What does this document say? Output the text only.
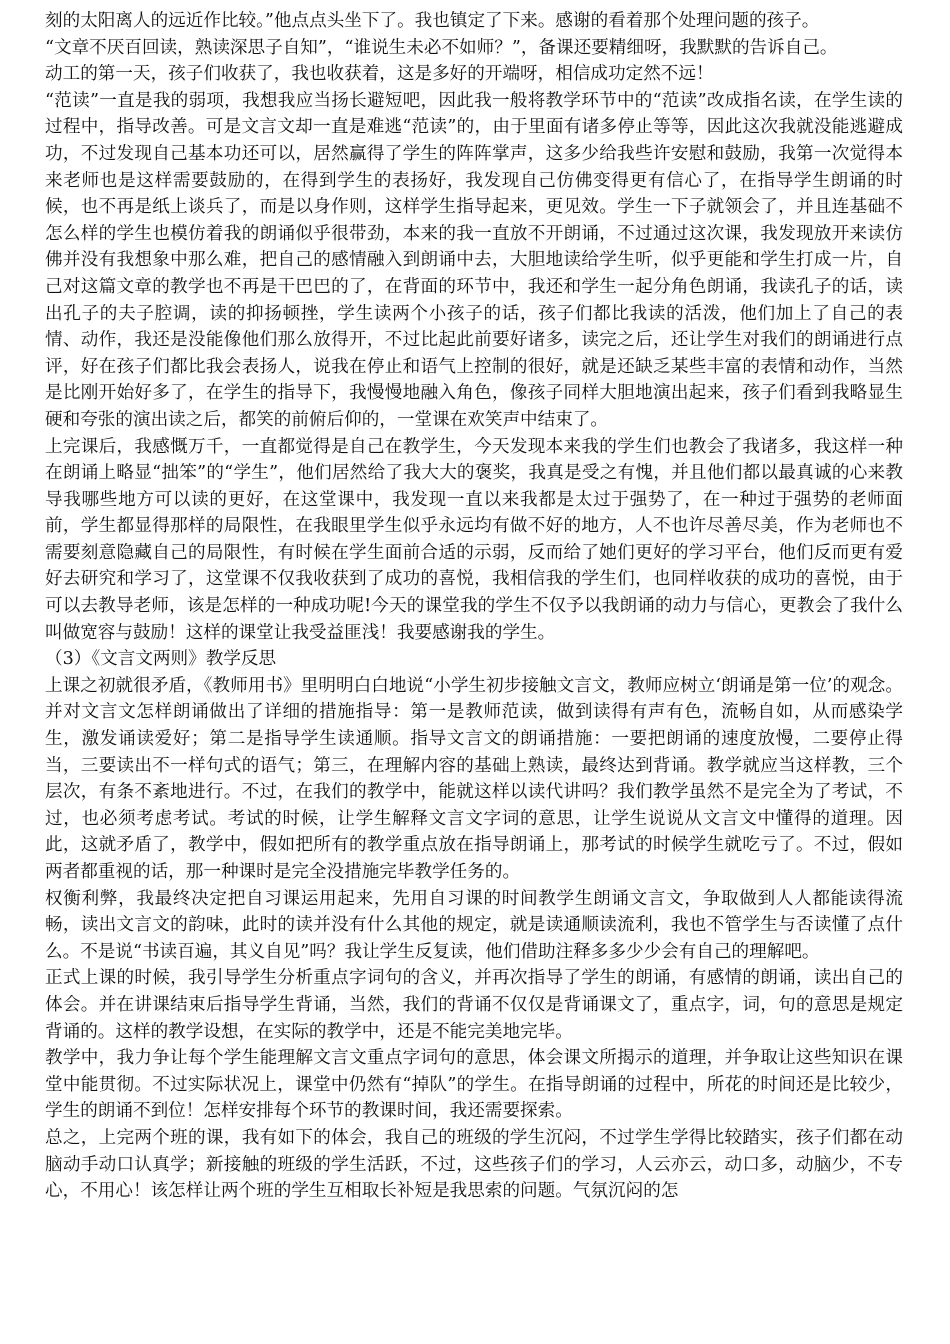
刻的太阳离人的远近作比较。”他点点头坐下了。我也镇定了下来。感谢的看着那个处理问题的孩子。

“文章不厌百回读，熟读深思子自知”，“谁说生未必不如师？”，备课还要精细呀，我默默的告诉自己。

动工的第一天，孩子们收获了，我也收获着，这是多好的开端呀，相信成功定然不远！

“范读”一直是我的弱项，我想我应当扬长避短吧，因此我一般将教学环节中的“范读”改成指名读，在学生读的过程中，指导改善。可是文言文却一直是难逃“范读”的，由于里面有诸多停止等等，因此这次我就没能逃避成功，不过发现自己基本功还可以，居然赢得了学生的阵阵掌声，这多少给我些许安慰和鼓励，我第一次觉得本来老师也是这样需要鼓励的，在得到学生的表扬好，我发现自己仿佛变得更有信心了，在指导学生朗诵的时候，也不再是纸上谈兵了，而是以身作则，这样学生指导起来，更见效。学生一下子就领会了，并且连基础不怎么样的学生也模仿着我的朗诵似乎很带劲，本来的我一直放不开朗诵，不过通过这次课，我发现放开来读仿佛并没有我想象中那么难，把自己的感情融入到朗诵中去，大胆地读给学生听，似乎更能和学生打成一片，自己对这篇文章的教学也不再是干巴巴的了，在背面的环节中，我还和学生一起分角色朗诵，我读孔子的话，读出孔子的夫子腔调，读的抑扬顿挫，学生读两个小孩子的话，孩子们都比我读的活泼，他们加上了自己的表情、动作，我还是没能像他们那么放得开，不过比起此前要好诸多，读完之后，还让学生对我们的朗诵进行点评，好在孩子们都比我会表扬人，说我在停止和语气上控制的很好，就是还缺乏某些丰富的表情和动作，当然是比刚开始好多了，在学生的指导下，我慢慢地融入角色，像孩子同样大胆地演出起来，孩子们看到我略显生硬和夸张的演出读之后，都笑的前俯后仰的，一堂课在欢笑声中结束了。

上完课后，我感慨万千，一直都觉得是自己在教学生，今天发现本来我的学生们也教会了我诸多，我这样一种在朗诵上略显“拙笨”的“学生”，他们居然给了我大大的褒奖，我真是受之有愧，并且他们都以最真诚的心来教导我哪些地方可以读的更好，在这堂课中，我发现一直以来我都是太过于强势了，在一种过于强势的老师面前，学生都显得那样的局限性，在我眼里学生似乎永远均有做不好的地方，人不也许尽善尽美，作为老师也不需要刻意隐藏自己的局限性，有时候在学生面前合适的示弱，反而给了她们更好的学习平台，他们反而更有爱好去研究和学习了，这堂课不仅我收获到了成功的喜悦，我相信我的学生们，也同样收获的成功的喜悦，由于可以去教导老师，该是怎样的一种成功呢!今天的课堂我的学生不仅予以我朗诵的动力与信心，更教会了我什么叫做宽容与鼓励！这样的课堂让我受益匪浅！我要感谢我的学生。

（3）《文言文两则》教学反思

上课之初就很矛盾，《教师用书》里明明白白地说“小学生初步接触文言文，教师应树立‘朗诵是第一位’的观念。并对文言文怎样朗诵做出了详细的措施指导：第一是教师范读，做到读得有声有色，流畅自如，从而感染学生，激发诵读爱好；第二是指导学生读通顺。指导文言文的朗诵措施：一要把朗诵的速度放慢，二要停止得当，三要读出不一样句式的语气；第三，在理解内容的基础上熟读，最终达到背诵。教学就应当这样教，三个层次，有条不紊地进行。不过，在我们的教学中，能就这样以读代讲吗？我们教学虽然不是完全为了考试，不过，也必须考虑考试。考试的时候，让学生解释文言文字词的意思，让学生说说从文言文中懂得的道理。因此，这就矛盾了，教学中，假如把所有的教学重点放在指导朗诵上，那考试的时候学生就吃亏了。不过，假如两者都重视的话，那一种课时是完全没措施完毕教学任务的。

权衡利弊，我最终决定把自习课运用起来，先用自习课的时间教学生朗诵文言文，争取做到人人都能读得流畅，读出文言文的韵味，此时的读并没有什么其他的规定，就是读通顺读流利，我也不管学生与否读懂了点什么。不是说“书读百遍，其义自见”吗？我让学生反复读，他们借助注释多多少少会有自己的理解吧。

正式上课的时候，我引导学生分析重点字词句的含义，并再次指导了学生的朗诵，有感情的朗诵，读出自己的体会。并在讲课结束后指导学生背诵，当然，我们的背诵不仅仅是背诵课文了，重点字，词，句的意思是规定背诵的。这样的教学设想，在实际的教学中，还是不能完美地完毕。

教学中，我力争让每个学生能理解文言文重点字词句的意思，体会课文所揭示的道理，并争取让这些知识在课堂中能贯彻。不过实际状况上，课堂中仍然有“掉队”的学生。在指导朗诵的过程中，所花的时间还是比较少，学生的朗诵不到位！怎样安排每个环节的教课时间，我还需要探索。

总之，上完两个班的课，我有如下的体会，我自己的班级的学生沉闷，不过学生学得比较踏实，孩子们都在动脑动手动口认真学；新接触的班级的学生活跃，不过，这些孩子们的学习，人云亦云，动口多，动脑少，不专心，不用心！该怎样让两个班的学生互相取长补短是我思索的问题。气氛沉闷的怎
